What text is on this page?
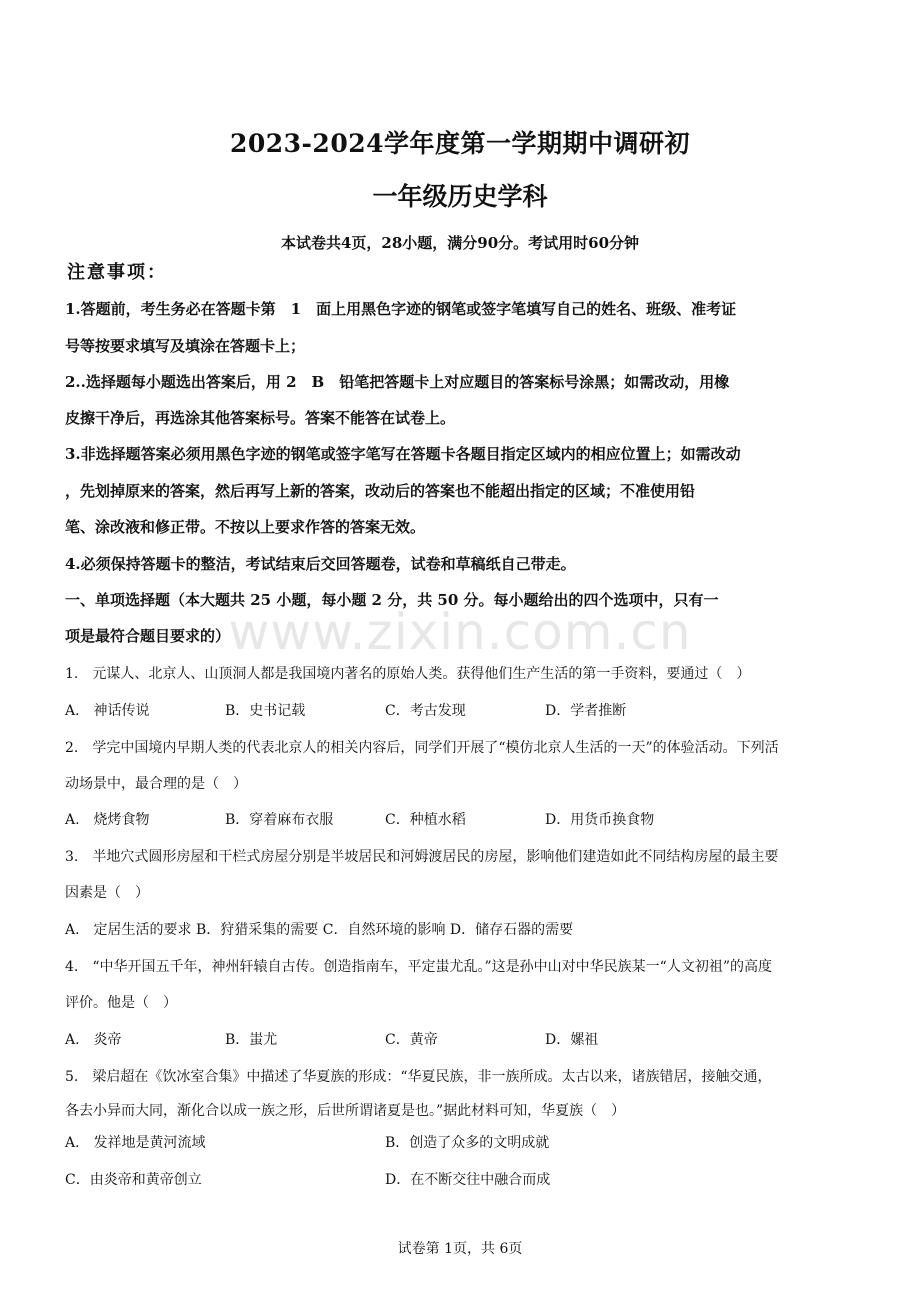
2023-2024学年度第一学期期中调研初
一年级历史学科
本试卷共4页，28小题，满分90分。考试用时60分钟
注意事项：
1.答题前，考生务必在答题卡第　1　面上用黑色字迹的钢笔或签字笔填写自己的姓名、班级、准考证
号等按要求填写及填涂在答题卡上；
2..选择题每小题选出答案后，用 2　B　铅笔把答题卡上对应题目的答案标号涂黑；如需改动，用橡
皮擦干净后，再选涂其他答案标号。答案不能答在试卷上。
3.非选择题答案必须用黑色字迹的钢笔或签字笔写在答题卡各题目指定区域内的相应位置上；如需改动
，先划掉原来的答案，然后再写上新的答案，改动后的答案也不能超出指定的区域；不准使用铅
笔、涂改液和修正带。不按以上要求作答的答案无效。
4.必须保持答题卡的整洁，考试结束后交回答题卷，试卷和草稿纸自己带走。
一、单项选择题（本大题共 25 小题，每小题 2 分，共 50 分。每小题给出的四个选项中，只有一
项是最符合题目要求的）
www.zixin.com.cn
1.　元谋人、北京人、山顶洞人都是我国境内著名的原始人类。获得他们生产生活的第一手资料，要通过（　）
A.　神话传说	B．史书记载	C．考古发现	D．学者推断
2.　学完中国境内早期人类的代表北京人的相关内容后，同学们开展了“模仿北京人生活的一天”的体验活动。下列活
动场景中，最合理的是（　）
A.　烧烤食物	B．穿着麻布衣服	C．种植水稻	D．用货币换食物
3.　半地穴式圆形房屋和干栏式房屋分别是半坡居民和河姆渡居民的房屋，影响他们建造如此不同结构房屋的最主要
因素是（　）
A.　定居生活的要求 B．狩猎采集的需要 C．自然环境的影响 D．储存石器的需要
4.　“中华开国五千年，神州轩辕自古传。创造指南车，平定蚩尤乱。”这是孙中山对中华民族某一“人文初祖”的高度
评价。他是（　）
A.　炎帝	B．蚩尤	C．黄帝	D．嫘祖
5.　梁启超在《饮冰室合集》中描述了华夏族的形成：“华夏民族，非一族所成。太古以来，诸族错居，接触交通，
各去小异而大同，渐化合以成一族之形，后世所谓诸夏是也。”据此材料可知，华夏族（　）
A.　发祥地是黄河流域	B．创造了众多的文明成就
C．由炎帝和黄帝创立	D．在不断交往中融合而成
试卷第 1页，共 6页
